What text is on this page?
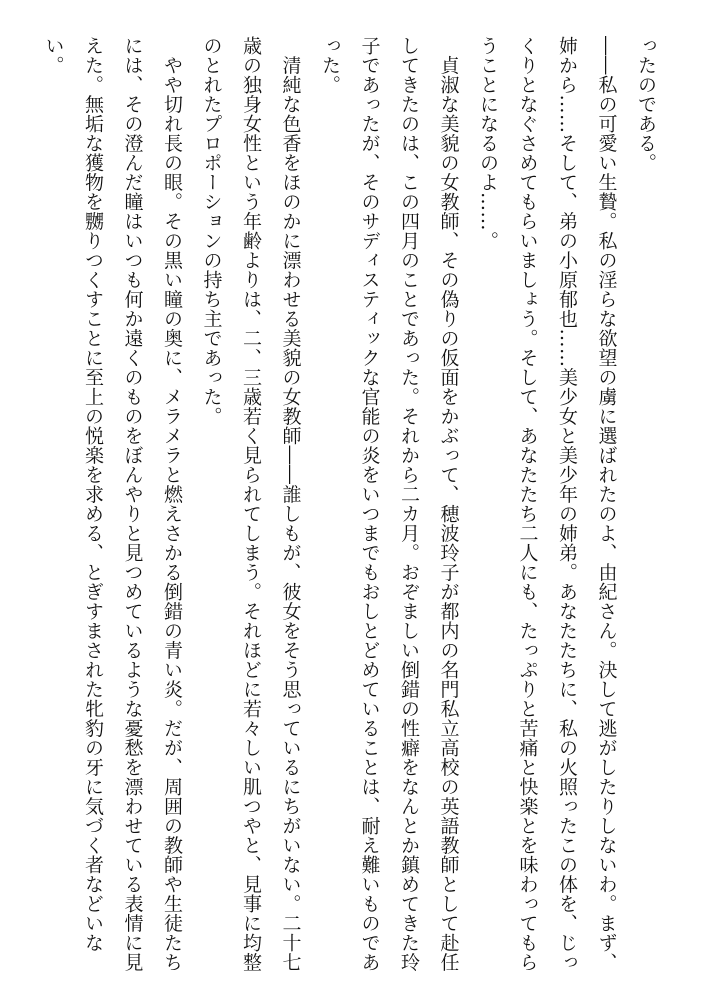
ったのである。

――私の可愛い生贄。私の淫らな欲望の虜に選ばれたのよ、由紀さん。決して逃がしたりしないわ。まず、姉から……そして、弟の小原郁也……美少女と美少年の姉弟。あなたたちに、私の火照ったこの体を、じっくりとなぐさめてもらいましょう。そして、あなたたち二人にも、たっぷりと苦痛と快楽とを味わってもらうことになるのよ……。

　貞淑な美貌の女教師、その偽りの仮面をかぶって、穂波玲子が都内の名門私立高校の英語教師として赴任してきたのは、この四月のことであった。それから二カ月。おぞましい倒錯の性癖をなんとか鎮めてきた玲子であったが、そのサディスティックな官能の炎をいつまでもおしとどめていることは、耐え難いものであった。

　清純な色香をほのかに漂わせる美貌の女教師――誰しもが、彼女をそう思っているにちがいない。二十七歳の独身女性という年齢よりは、二、三歳若く見られてしまう。それほどに若々しい肌つやと、見事に均整のとれたプロポーションの持ち主であった。

　やや切れ長の眼。その黒い瞳の奥に、メラメラと燃えさかる倒錯の青い炎。だが、周囲の教師や生徒たちには、その澄んだ瞳はいつも何か遠くのものをぼんやりと見つめているような憂愁を漂わせている表情に見えた。無垢な獲物を嬲りつくすことに至上の悦楽を求める、とぎすまされた牝豹の牙に気づく者などいない。
